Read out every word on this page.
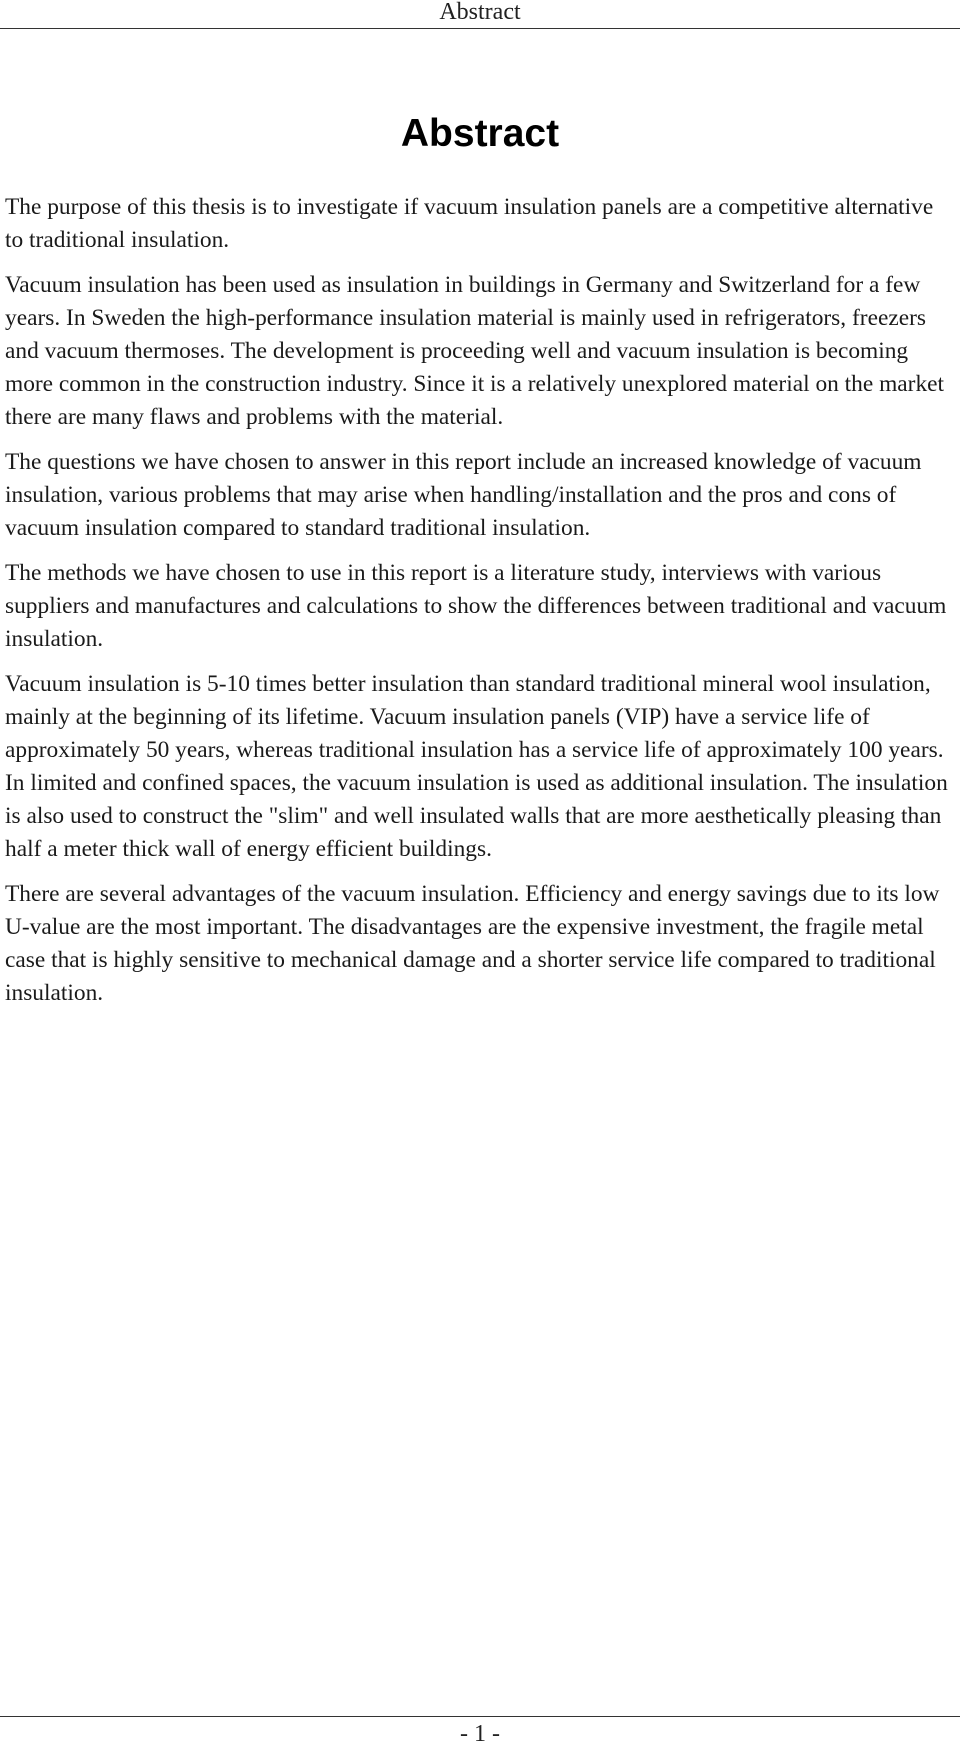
Abstract
Abstract

The purpose of this thesis is to investigate if vacuum insulation panels are a competitive alternative to traditional insulation.

Vacuum insulation has been used as insulation in buildings in Germany and Switzerland for a few years. In Sweden the high-performance insulation material is mainly used in refrigerators, freezers and vacuum thermoses. The development is proceeding well and vacuum insulation is becoming more common in the construction industry. Since it is a relatively unexplored material on the market there are many flaws and problems with the material.

The questions we have chosen to answer in this report include an increased knowledge of vacuum insulation, various problems that may arise when handling/installation and the pros and cons of vacuum insulation compared to standard traditional insulation.

The methods we have chosen to use in this report is a literature study, interviews with various suppliers and manufactures and calculations to show the differences between traditional and vacuum insulation.

Vacuum insulation is 5-10 times better insulation than standard traditional mineral wool insulation, mainly at the beginning of its lifetime. Vacuum insulation panels (VIP) have a service life of approximately 50 years, whereas traditional insulation has a service life of approximately 100 years. In limited and confined spaces, the vacuum insulation is used as additional insulation. The insulation is also used to construct the "slim" and well insulated walls that are more aesthetically pleasing than half a meter thick wall of energy efficient buildings.

There are several advantages of the vacuum insulation. Efficiency and energy savings due to its low U-value are the most important. The disadvantages are the expensive investment, the fragile metal case that is highly sensitive to mechanical damage and a shorter service life compared to traditional insulation.

- 1 -
